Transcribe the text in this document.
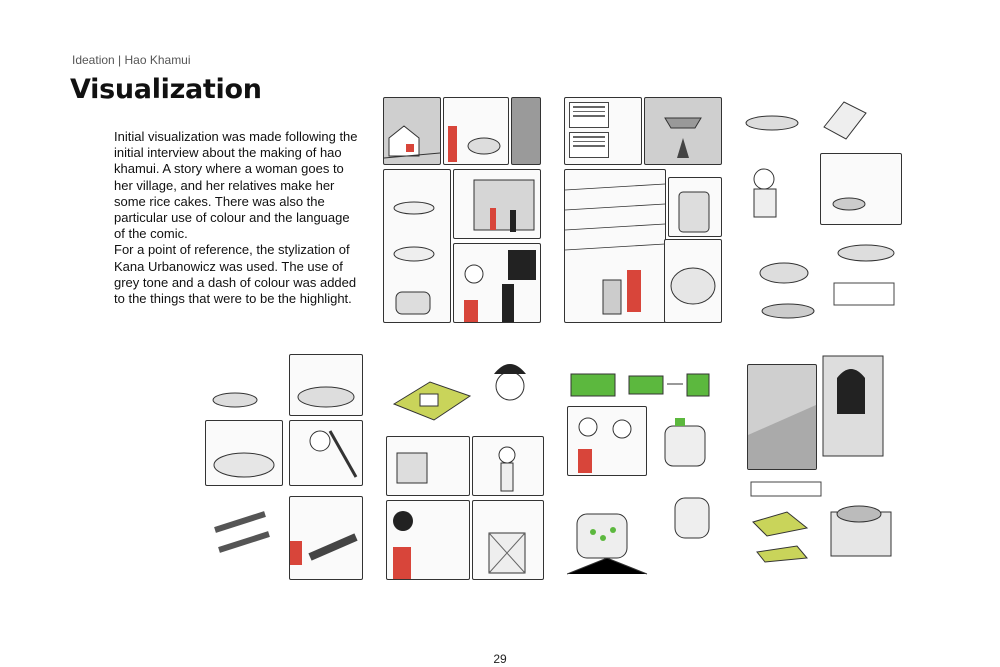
Ideation | Hao Khamui
Visualization

Initial visualization was made following the initial interview about the making of hao khamui. A story where a woman goes to her village, and her relatives make her some rice cakes. There was also the particular use of colour and the language of the comic.

For a point of reference, the stylization of Kana Urbanowicz was used. The use of grey tone and a dash of colour was added to the things that were to be the highlight.

29
